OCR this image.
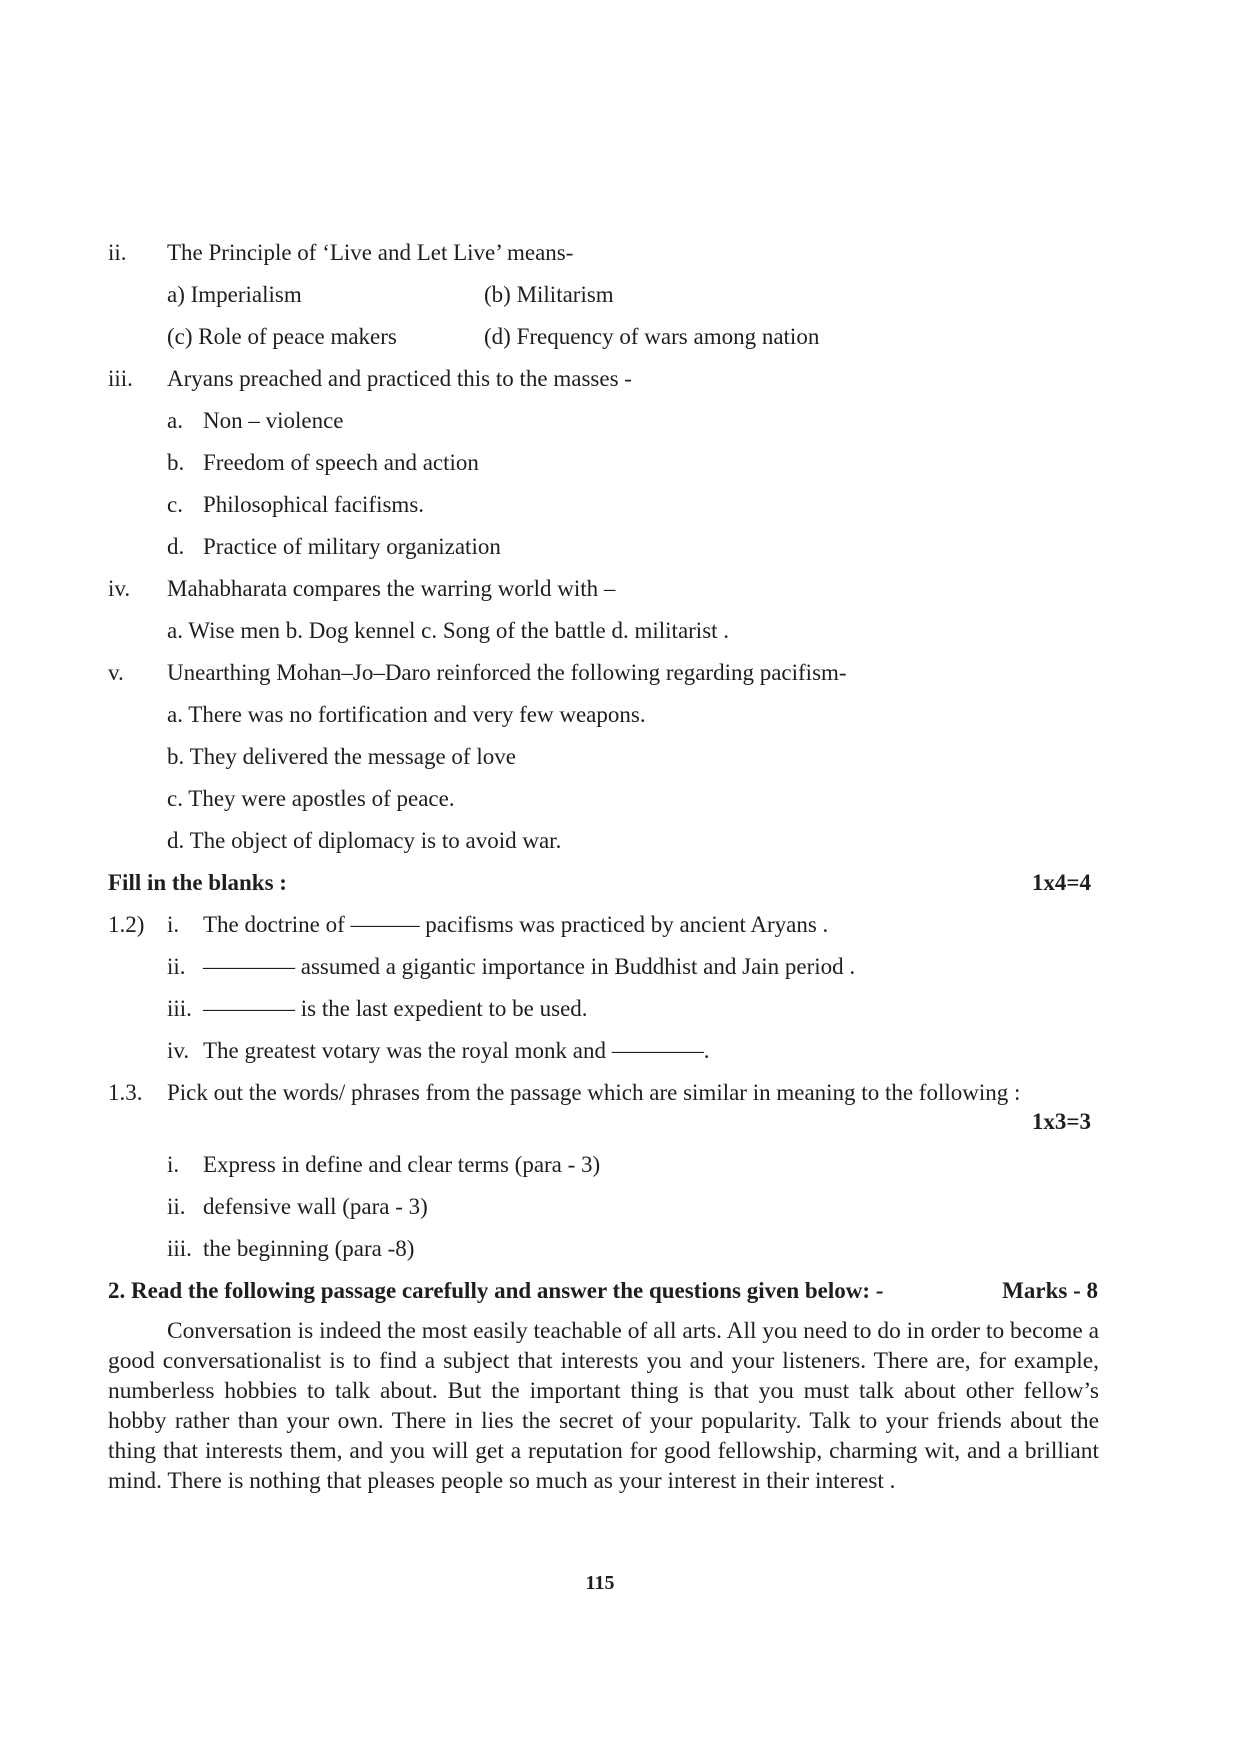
ii. The Principle of ‘Live and Let Live’ means-
a) Imperialism	(b) Militarism
(c) Role of peace makers	(d) Frequency of wars among nation
iii. Aryans preached and practiced this to the masses -
a. Non – violence
b. Freedom of speech and action
c. Philosophical facifisms.
d. Practice of military organization
iv. Mahabharata compares the warring world with –
a. Wise men b. Dog kennel c. Song of the battle d. militarist .
v. Unearthing Mohan–Jo–Daro reinforced the following regarding pacifism-
a. There was no fortification and very few weapons.
b. They delivered the message of love
c. They were apostles of peace.
d. The object of diplomacy is to avoid war.
Fill in the blanks :	1x4=4
1.2) i. The doctrine of ——— pacifisms was practiced by ancient Aryans .
ii. ———— assumed a gigantic importance in Buddhist and Jain period .
iii. ———— is the last expedient to be used.
iv. The greatest votary was the royal monk and ————.
1.3. Pick out the words/ phrases from the passage which are similar in meaning to the following :
1x3=3
i. Express in define and clear terms (para - 3)
ii. defensive wall (para - 3)
iii. the beginning (para -8)
2. Read the following passage carefully and answer the questions given below: -	Marks - 8
Conversation is indeed the most easily teachable of all arts. All you need to do in order to become a good conversationalist is to find a subject that interests you and your listeners. There are, for example, numberless hobbies to talk about. But the important thing is that you must talk about other fellow’s hobby rather than your own. There in lies the secret of your popularity. Talk to your friends about the thing that interests them, and you will get a reputation for good fellowship, charming wit, and a brilliant mind. There is nothing that pleases people so much as your interest in their interest .
115
